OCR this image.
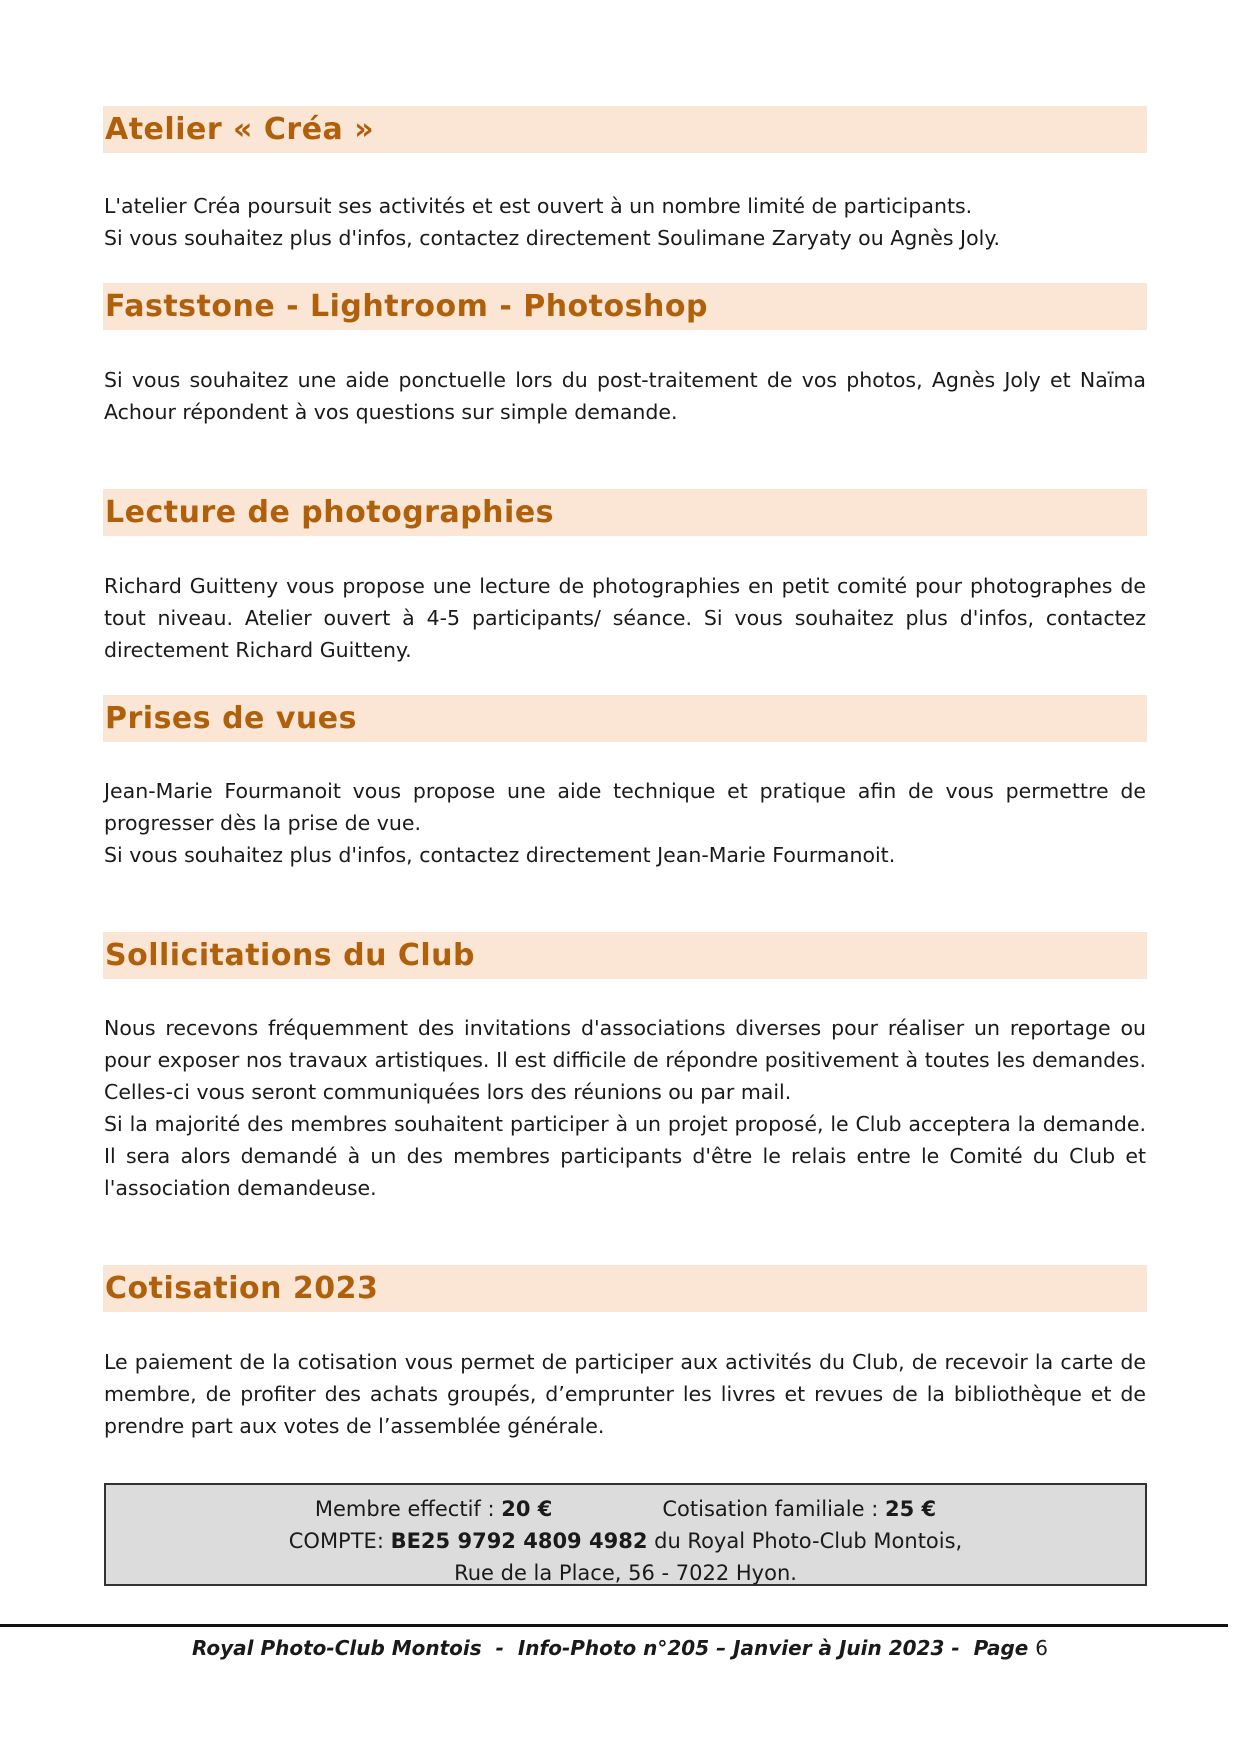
Atelier « Créa »

L'atelier Créa poursuit ses activités et est ouvert à un nombre limité de participants.

Si vous souhaitez plus d'infos, contactez directement Soulimane Zaryaty ou Agnès Joly.

Faststone - Lightroom - Photoshop

Si vous souhaitez une aide ponctuelle lors du post-traitement de vos photos, Agnès Joly et Naïma Achour répondent à vos questions sur simple demande.

Lecture de photographies

Richard Guitteny vous propose une lecture de photographies en petit comité pour photographes de tout niveau. Atelier ouvert à 4-5 participants/ séance. Si vous souhaitez plus d'infos, contactez directement Richard Guitteny.

Prises de vues

Jean-Marie Fourmanoit vous propose une aide technique et pratique afin de vous permettre de progresser dès la prise de vue.

Si vous souhaitez plus d'infos, contactez directement Jean-Marie Fourmanoit.

Sollicitations du Club

Nous recevons fréquemment des invitations d'associations diverses pour réaliser un reportage ou pour exposer nos travaux artistiques. Il est difficile de répondre positivement à toutes les demandes. Celles-ci vous seront communiquées lors des réunions ou par mail.

Si la majorité des membres souhaitent participer à un projet proposé, le Club acceptera la demande. Il sera alors demandé à un des membres participants d'être le relais entre le Comité du Club et l'association demandeuse.

Cotisation 2023

Le paiement de la cotisation vous permet de participer aux activités du Club, de recevoir la carte de membre, de profiter des achats groupés, d’emprunter les livres et revues de la bibliothèque et de prendre part aux votes de l’assemblée générale.

Membre effectif : 20 €	Cotisation familiale : 25 €
COMPTE: BE25 9792 4809 4982 du Royal Photo-Club Montois,
Rue de la Place, 56 - 7022 Hyon.
Royal Photo-Club Montois  -  Info-Photo n°205 – Janvier à Juin 2023 -  Page 6
